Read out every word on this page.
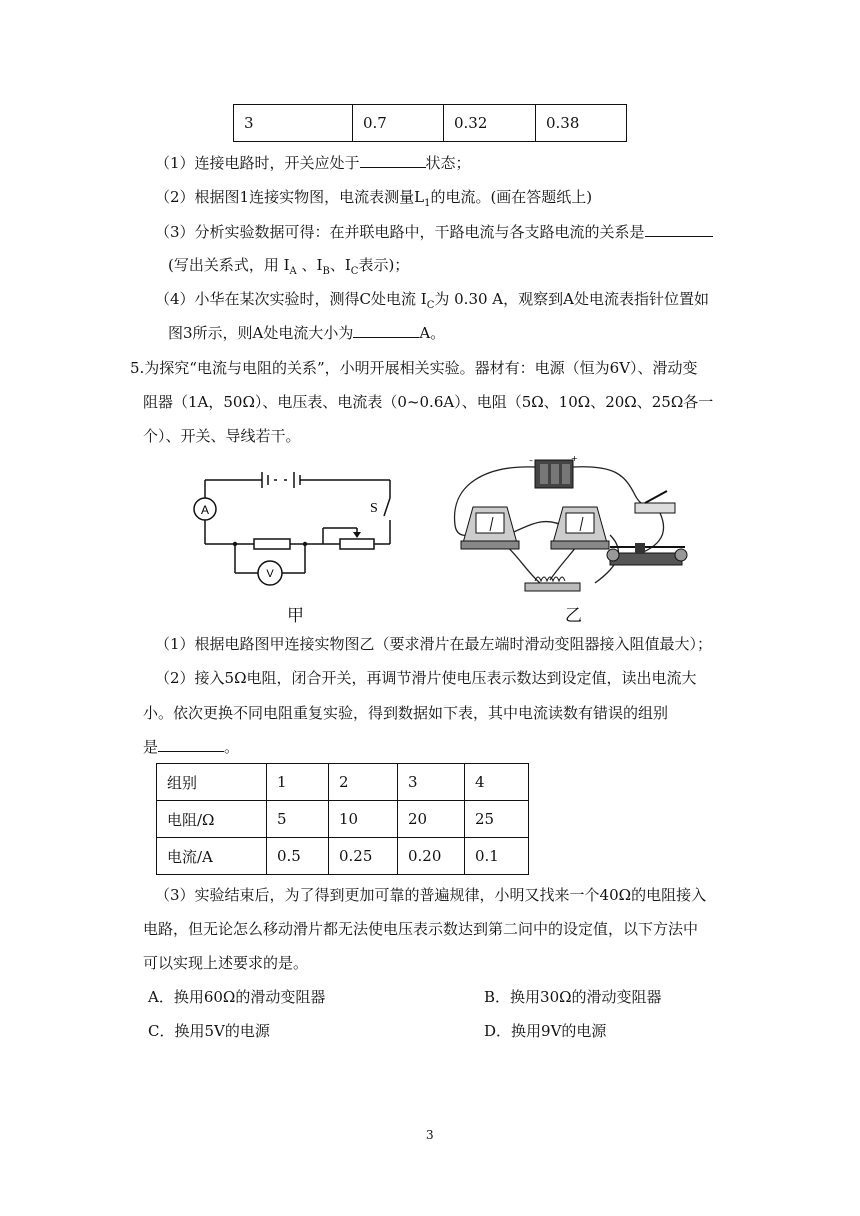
3	0.7	0.32	0.38
（1）连接电路时，开关应处于	状态；
（2）根据图1连接实物图，电流表测量$L_1$的电流。(画在答题纸上)
（3）分析实验数据可得：在并联电路中，干路电流与各支路电流的关系是
(写出关系式，用 $I_A$ 、$I_B$、$I_C$表示)；
（4）小华在某次实验时，测得C处电流 $I_C$为 0.30 A，观察到A处电流表指针位置如
图3所示，则A处电流大小为	A。
5.为探究“电流与电阻的关系”，小明开展相关实验。器材有：电源（恒为6V）、滑动变
阻器（1A，50Ω）、电压表、电流表（0~0.6A）、电阻（5Ω、10Ω、20Ω、25Ω各一
个）、开关、导线若干。
A
V
S
甲
–	+
乙
（1）根据电路图甲连接实物图乙（要求滑片在最左端时滑动变阻器接入阻值最大）；
（2）接入5Ω电阻，闭合开关，再调节滑片使电压表示数达到设定值，读出电流大
小。依次更换不同电阻重复实验，得到数据如下表，其中电流读数有错误的组别
是	。
组别	1	2	3	4
电阻/Ω	5	10	20	25
电流/A	0.5	0.25	0.20	0.1
（3）实验结束后，为了得到更加可靠的普遍规律，小明又找来一个40Ω的电阻接入
电路，但无论怎么移动滑片都无法使电压表示数达到第二问中的设定值，以下方法中
可以实现上述要求的是。
A．换用60Ω的滑动变阻器	B．换用30Ω的滑动变阻器
C．换用5V的电源	D．换用9V的电源
3
